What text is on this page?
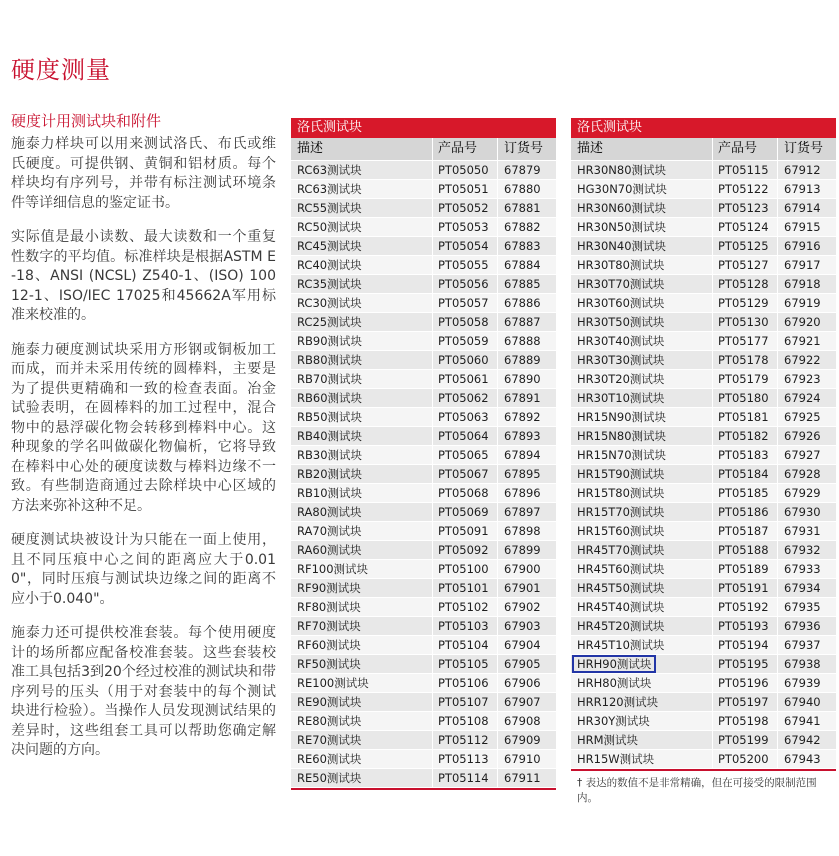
硬度测量
硬度计用测试块和附件

施泰力样块可以用来测试洛氏、布氏或维氏硬度。可提供钢、黄铜和铝材质。每个样块均有序列号，并带有标注测试环境条件等详细信息的鉴定证书。

实际值是最小读数、最大读数和一个重复性数字的平均值。标准样块是根据ASTM E-18、ANSI (NCSL) Z540-1、(ISO) 10012-1、ISO/IEC 17025和45662A军用标准来校准的。

施泰力硬度测试块采用方形钢或铜板加工而成，而并未采用传统的圆棒料，主要是为了提供更精确和一致的检查表面。冶金试验表明，在圆棒料的加工过程中，混合物中的悬浮碳化物会转移到棒料中心。这种现象的学名叫做碳化物偏析，它将导致在棒料中心处的硬度读数与棒料边缘不一致。有些制造商通过去除样块中心区域的方法来弥补这种不足。

硬度测试块被设计为只能在一面上使用，且不同压痕中心之间的距离应大于0.010"，同时压痕与测试块边缘之间的距离不应小于0.040"。

施泰力还可提供校准套装。每个使用硬度计的场所都应配备校准套装。这些套装校准工具包括3到20个经过校准的测试块和带序列号的压头（用于对套装中的每个测试块进行检验）。当操作人员发现测试结果的差异时，这些组套工具可以帮助您确定解决问题的方向。

洛氏测试块
描述	产品号	订货号
RC63测试块	PT05050	67879
RC63测试块	PT05051	67880
RC55测试块	PT05052	67881
RC50测试块	PT05053	67882
RC45测试块	PT05054	67883
RC40测试块	PT05055	67884
RC35测试块	PT05056	67885
RC30测试块	PT05057	67886
RC25测试块	PT05058	67887
RB90测试块	PT05059	67888
RB80测试块	PT05060	67889
RB70测试块	PT05061	67890
RB60测试块	PT05062	67891
RB50测试块	PT05063	67892
RB40测试块	PT05064	67893
RB30测试块	PT05065	67894
RB20测试块	PT05067	67895
RB10测试块	PT05068	67896
RA80测试块	PT05069	67897
RA70测试块	PT05091	67898
RA60测试块	PT05092	67899
RF100测试块	PT05100	67900
RF90测试块	PT05101	67901
RF80测试块	PT05102	67902
RF70测试块	PT05103	67903
RF60测试块	PT05104	67904
RF50测试块	PT05105	67905
RE100测试块	PT05106	67906
RE90测试块	PT05107	67907
RE80测试块	PT05108	67908
RE70测试块	PT05112	67909
RE60测试块	PT05113	67910
RE50测试块	PT05114	67911
洛氏测试块
描述	产品号	订货号
HR30N80测试块	PT05115	67912
HG30N70测试块	PT05122	67913
HR30N60测试块	PT05123	67914
HR30N50测试块	PT05124	67915
HR30N40测试块	PT05125	67916
HR30T80测试块	PT05127	67917
HR30T70测试块	PT05128	67918
HR30T60测试块	PT05129	67919
HR30T50测试块	PT05130	67920
HR30T40测试块	PT05177	67921
HR30T30测试块	PT05178	67922
HR30T20测试块	PT05179	67923
HR30T10测试块	PT05180	67924
HR15N90测试块	PT05181	67925
HR15N80测试块	PT05182	67926
HR15N70测试块	PT05183	67927
HR15T90测试块	PT05184	67928
HR15T80测试块	PT05185	67929
HR15T70测试块	PT05186	67930
HR15T60测试块	PT05187	67931
HR45T70测试块	PT05188	67932
HR45T60测试块	PT05189	67933
HR45T50测试块	PT05191	67934
HR45T40测试块	PT05192	67935
HR45T20测试块	PT05193	67936
HR45T10测试块	PT05194	67937
HRH90测试块	PT05195	67938
HRH80测试块	PT05196	67939
HRR120测试块	PT05197	67940
HR30Y测试块	PT05198	67941
HRM测试块	PT05199	67942
HR15W测试块	PT05200	67943
† 表达的数值不是非常精确，但在可接受的限制范围内。
